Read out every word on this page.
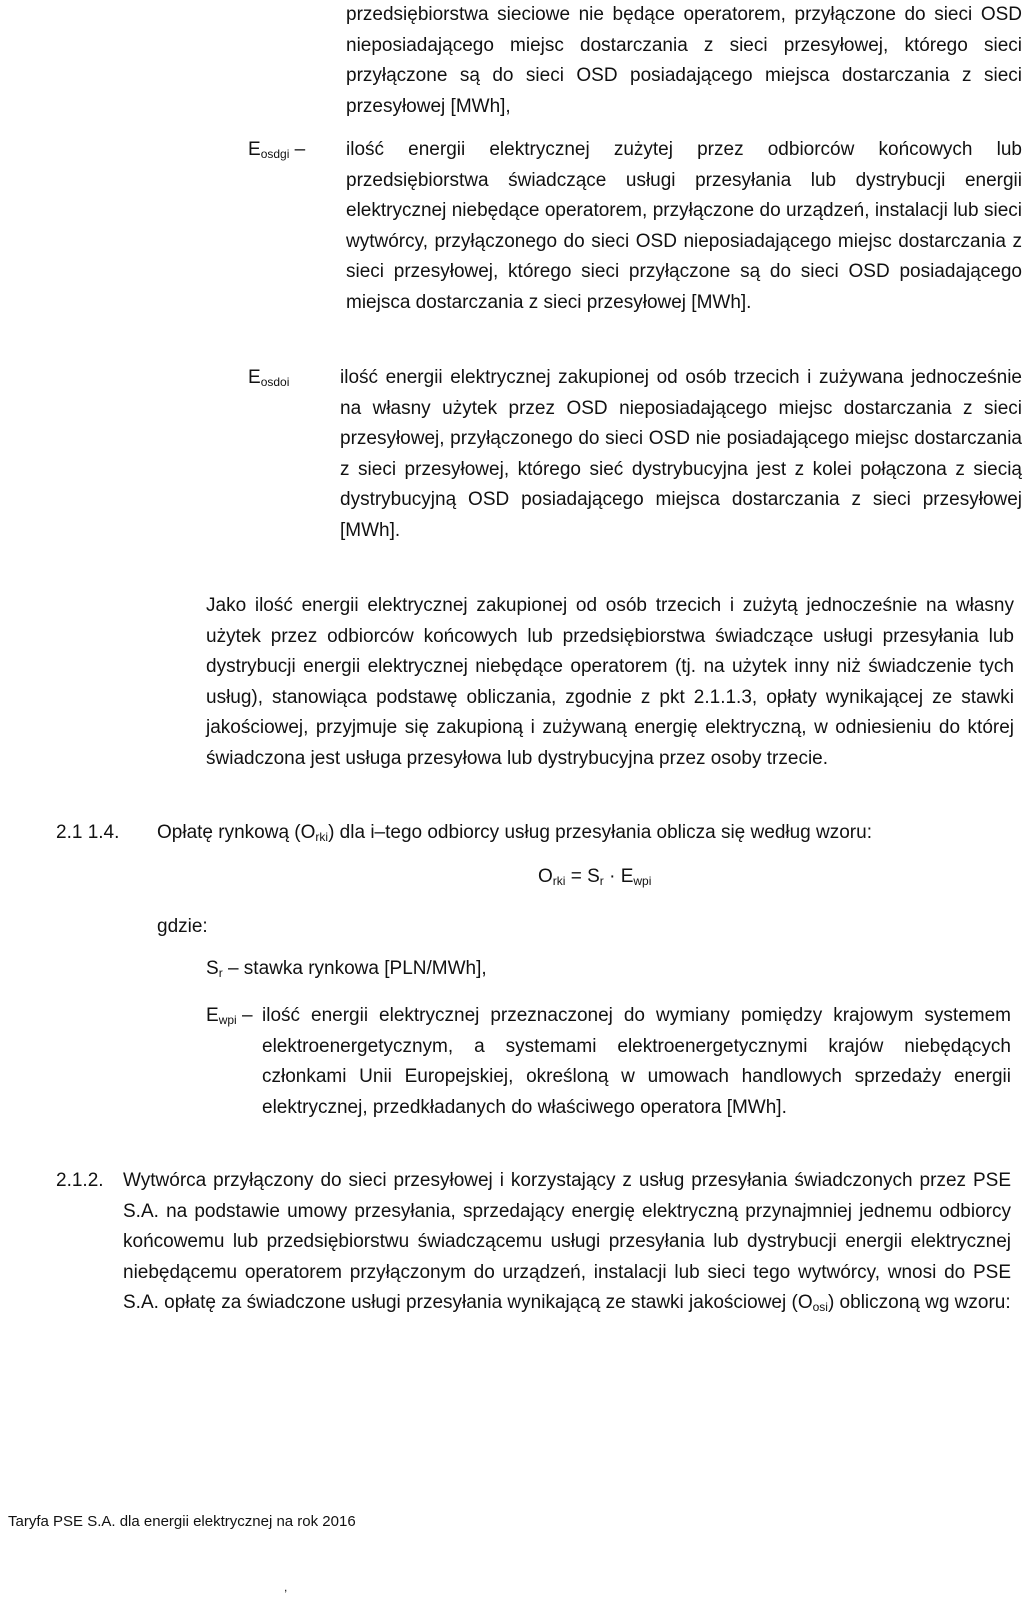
przedsiębiorstwa sieciowe nie będące operatorem, przyłączone do sieci OSD nieposiadającego miejsc dostarczania z sieci przesyłowej, którego sieci przyłączone są do sieci OSD posiadającego miejsca dostarczania z sieci przesyłowej [MWh],
$E_{osdgi}$ – ilość energii elektrycznej zużytej przez odbiorców końcowych lub przedsiębiorstwa świadczące usługi przesyłania lub dystrybucji energii elektrycznej niebędące operatorem, przyłączone do urządzeń, instalacji lub sieci wytwórcy, przyłączonego do sieci OSD nieposiadającego miejsc dostarczania z sieci przesyłowej, którego sieci przyłączone są do sieci OSD posiadającego miejsca dostarczania z sieci przesyłowej [MWh].
$E_{osdoi}$	ilość energii elektrycznej zakupionej od osób trzecich i zużywana jednocześnie na własny użytek przez OSD nieposiadającego miejsc dostarczania z sieci przesyłowej, przyłączonego do sieci OSD nie posiadającego miejsc dostarczania z sieci przesyłowej, którego sieć dystrybucyjna jest z kolei połączona z siecią dystrybucyjną OSD posiadającego miejsca dostarczania z sieci przesyłowej [MWh].
Jako ilość energii elektrycznej zakupionej od osób trzecich i zużytą jednocześnie na własny użytek przez odbiorców końcowych lub przedsiębiorstwa świadczące usługi przesyłania lub dystrybucji energii elektrycznej niebędące operatorem (tj. na użytek inny niż świadczenie tych usług), stanowiąca podstawę obliczania, zgodnie z pkt 2.1.1.3, opłaty wynikającej ze stawki jakościowej, przyjmuje się zakupioną i zużywaną energię elektryczną, w odniesieniu do której świadczona jest usługa przesyłowa lub dystrybucyjna przez osoby trzecie.
2.1 1.4. Opłatę rynkową $(O_{rki})$ dla i–tego odbiorcy usług przesyłania oblicza się według wzoru:
$O_{rki} = S_r \cdot E_{wpi}$
gdzie:
$S_r$ – stawka rynkowa [PLN/MWh],
$E_{wpi}$ – ilość energii elektrycznej przeznaczonej do wymiany pomiędzy krajowym systemem elektroenergetycznym, a systemami elektroenergetycznymi krajów niebędących członkami Unii Europejskiej, określoną w umowach handlowych sprzedaży energii elektrycznej, przedkładanych do właściwego operatora [MWh].
2.1.2. Wytwórca przyłączony do sieci przesyłowej i korzystający z usług przesyłania świadczonych przez PSE S.A. na podstawie umowy przesyłania, sprzedający energię elektryczną przynajmniej jednemu odbiorcy końcowemu lub przedsiębiorstwu świadczącemu usługi przesyłania lub dystrybucji energii elektrycznej niebędącemu operatorem przyłączonym do urządzeń, instalacji lub sieci tego wytwórcy, wnosi do PSE S.A. opłatę za świadczone usługi przesyłania wynikającą ze stawki jakościowej $(O_{osi})$ obliczoną wg wzoru:
Taryfa PSE S.A. dla energii elektrycznej na rok 2016
,
